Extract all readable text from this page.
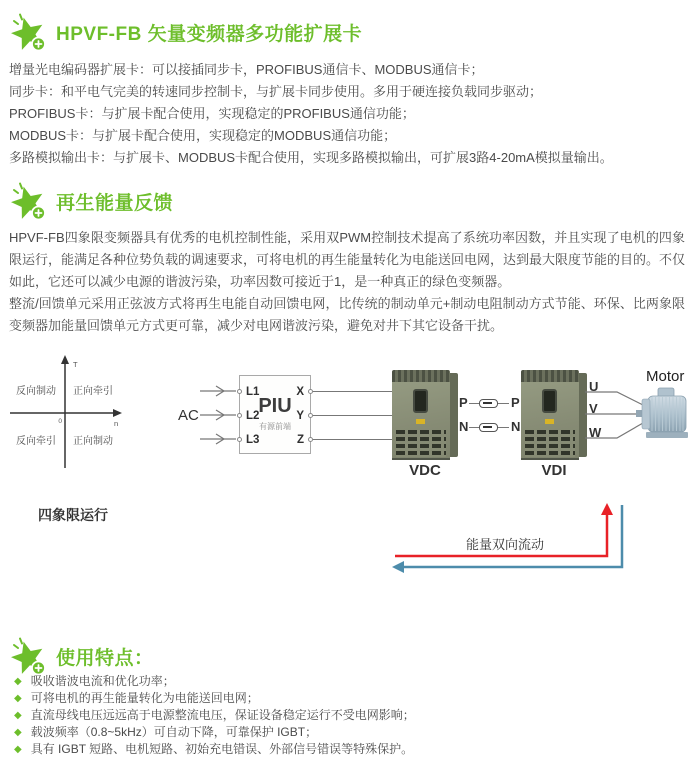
HPVF-FB 矢量变频器多功能扩展卡
增量光电编码器扩展卡：可以接插同步卡，PROFIBUS通信卡、MODBUS通信卡；
同步卡：和平电气完美的转速同步控制卡，与扩展卡同步使用。多用于硬连接负载同步驱动；
PROFIBUS卡：与扩展卡配合使用，实现稳定的PROFIBUS通信功能；
MODBUS卡：与扩展卡配合使用，实现稳定的MODBUS通信功能；
多路模拟输出卡：与扩展卡、MODBUS卡配合使用，实现多路模拟输出，可扩展3路4-20mA模拟量输出。
再生能量反馈

HPVF-FB四象限变频器具有优秀的电机控制性能，采用双PWM控制技术提高了系统功率因数，并且实现了电机的四象限运行，能满足各种位势负载的调速要求，可将电机的再生能量转化为电能送回电网，达到最大限度节能的目的。不仅如此，它还可以减少电源的谐波污染，功率因数可接近于1，是一种真正的绿色变频器。

整流/回馈单元采用正弦波方式将再生电能自动回馈电网，比传统的制动单元+制动电阻制动方式节能、环保、比两象限变频器加能量回馈单元方式更可靠，减少对电网谐波污染，避免对井下其它设备干扰。

T
n
0
反向制动 正向牵引
反向牵引 正向制动
四象限运行
AC	PIU
有源前端
L1
L2
L3
X
Y
Z
VDC
P	P
N	N
VDI
U
V
W
Motor
能量双向流动
使用特点：
◆ 吸收谐波电流和优化功率；
◆ 可将电机的再生能量转化为电能送回电网；
◆ 直流母线电压远远高于电源整流电压，保证设备稳定运行不受电网影响；
◆ 载波频率（0.8~5kHz）可自动下降，可靠保护 IGBT；
◆ 具有 IGBT 短路、电机短路、初始充电错误、外部信号错误等特殊保护。
